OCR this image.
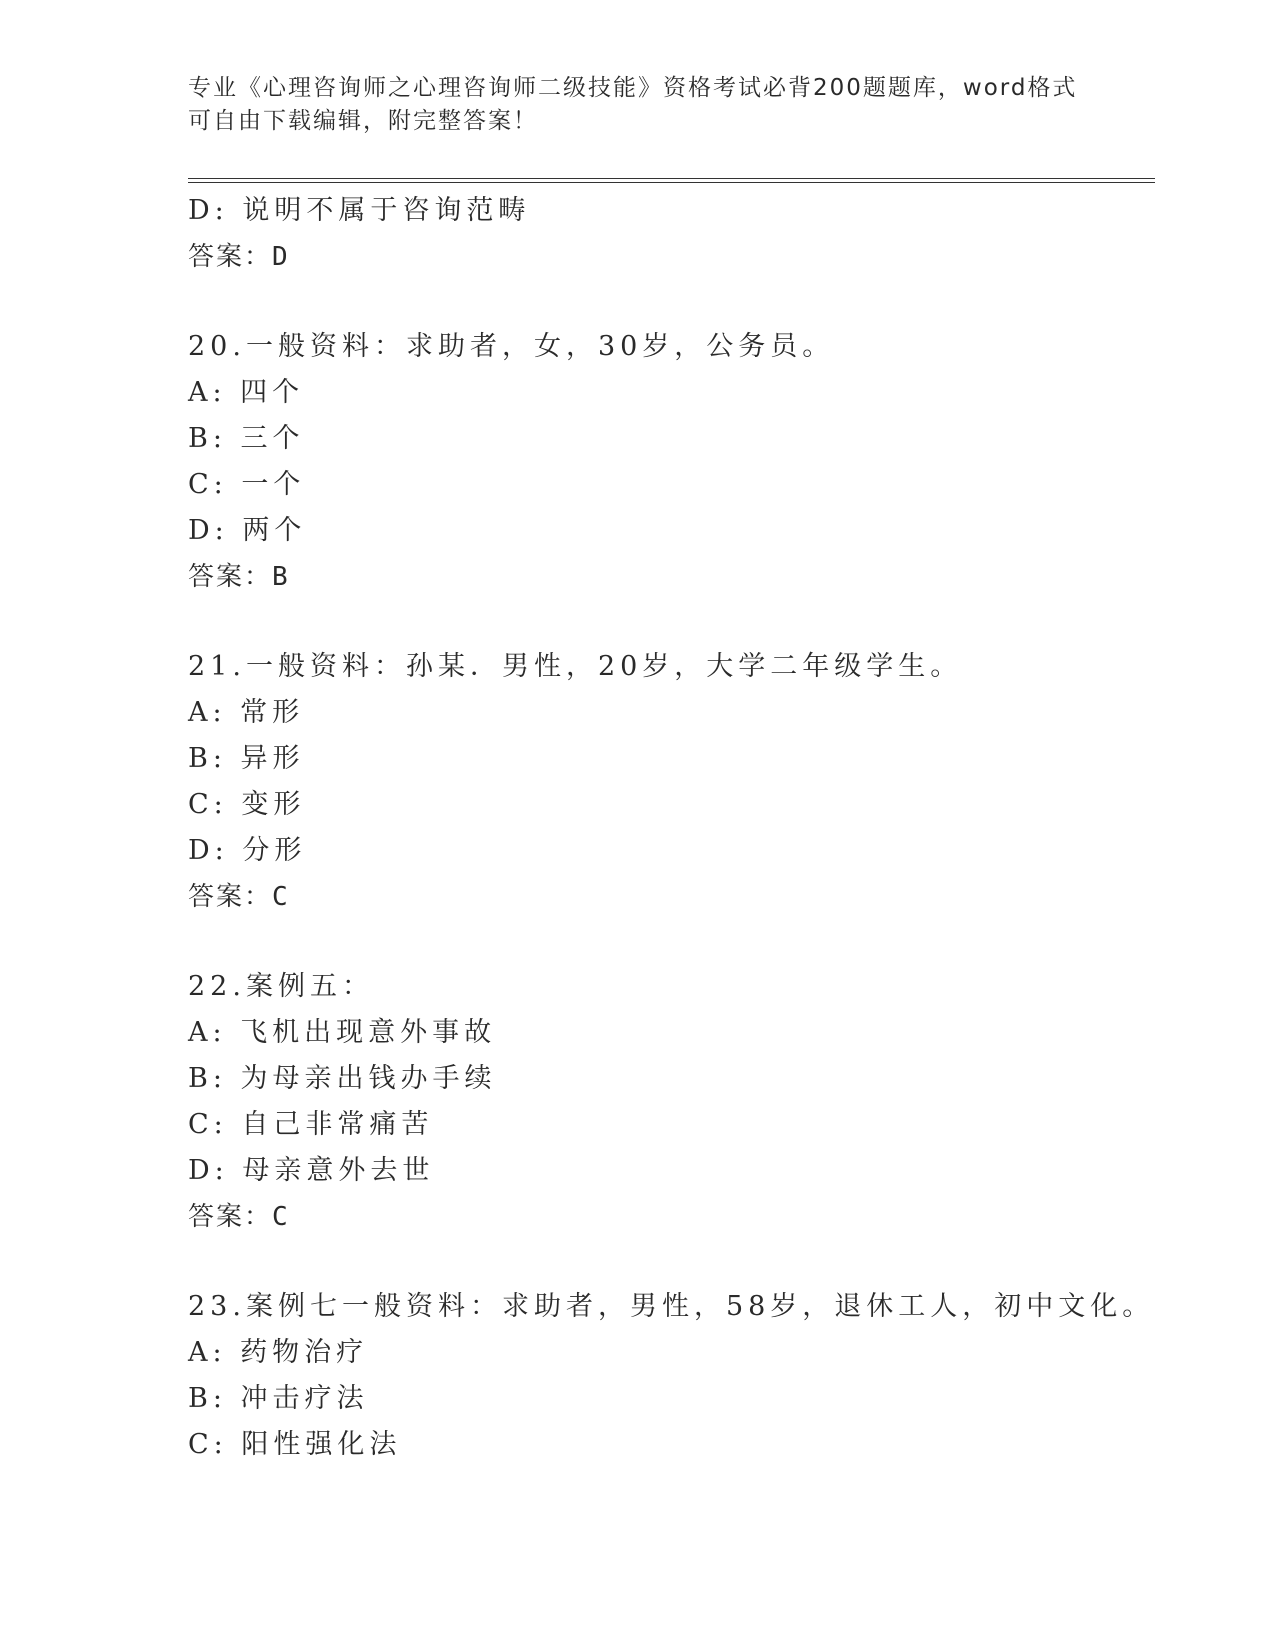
专业《心理咨询师之心理咨询师二级技能》资格考试必背200题题库，word格式
可自由下载编辑，附完整答案！
D: 说明不属于咨询范畴
答案：D
20.一般资料：求助者，女，30岁，公务员。
A: 四个
B: 三个
C: 一个
D: 两个
答案：B
21.一般资料：孙某．男性，20岁，大学二年级学生。
A: 常形
B: 异形
C: 变形
D: 分形
答案：C
22.案例五：
A: 飞机出现意外事故
B: 为母亲出钱办手续
C: 自己非常痛苦
D: 母亲意外去世
答案：C
23.案例七一般资料：求助者，男性，58岁，退休工人，初中文化。
A: 药物治疗
B: 冲击疗法
C: 阳性强化法
